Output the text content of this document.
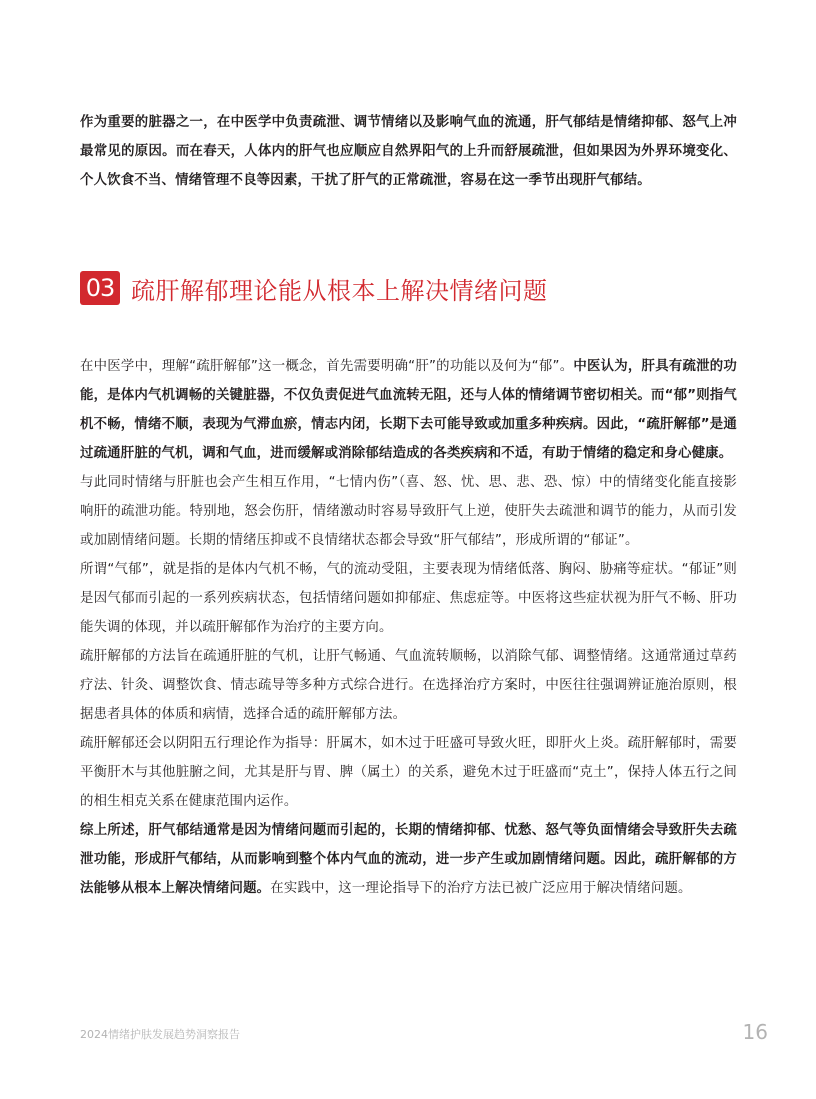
作为重要的脏器之一，在中医学中负责疏泄、调节情绪以及影响气血的流通，肝气郁结是情绪抑郁、怒气上冲最常见的原因。而在春天，人体内的肝气也应顺应自然界阳气的上升而舒展疏泄，但如果因为外界环境变化、个人饮食不当、情绪管理不良等因素，干扰了肝气的正常疏泄，容易在这一季节出现肝气郁结。

03 疏肝解郁理论能从根本上解决情绪问题

在中医学中，理解“疏肝解郁”这一概念，首先需要明确“肝”的功能以及何为“郁”。中医认为，肝具有疏泄的功能，是体内气机调畅的关键脏器，不仅负责促进气血流转无阻，还与人体的情绪调节密切相关。而“郁”则指气机不畅，情绪不顺，表现为气滞血瘀，情志内闭，长期下去可能导致或加重多种疾病。因此，“疏肝解郁”是通过疏通肝脏的气机，调和气血，进而缓解或消除郁结造成的各类疾病和不适，有助于情绪的稳定和身心健康。

与此同时情绪与肝脏也会产生相互作用，“七情内伤”（喜、怒、忧、思、悲、恐、惊）中的情绪变化能直接影响肝的疏泄功能。特别地，怒会伤肝，情绪激动时容易导致肝气上逆，使肝失去疏泄和调节的能力，从而引发或加剧情绪问题。长期的情绪压抑或不良情绪状态都会导致“肝气郁结”，形成所谓的“郁证”。

所谓“气郁”，就是指的是体内气机不畅，气的流动受阻，主要表现为情绪低落、胸闷、胁痛等症状。“郁证”则是因气郁而引起的一系列疾病状态，包括情绪问题如抑郁症、焦虑症等。中医将这些症状视为肝气不畅、肝功能失调的体现，并以疏肝解郁作为治疗的主要方向。

疏肝解郁的方法旨在疏通肝脏的气机，让肝气畅通、气血流转顺畅，以消除气郁、调整情绪。这通常通过草药疗法、针灸、调整饮食、情志疏导等多种方式综合进行。在选择治疗方案时，中医往往强调辨证施治原则，根据患者具体的体质和病情，选择合适的疏肝解郁方法。

疏肝解郁还会以阴阳五行理论作为指导：肝属木，如木过于旺盛可导致火旺，即肝火上炎。疏肝解郁时，需要平衡肝木与其他脏腑之间，尤其是肝与胃、脾（属土）的关系，避免木过于旺盛而“克土”，保持人体五行之间的相生相克关系在健康范围内运作。

综上所述，肝气郁结通常是因为情绪问题而引起的，长期的情绪抑郁、忧愁、怒气等负面情绪会导致肝失去疏泄功能，形成肝气郁结，从而影响到整个体内气血的流动，进一步产生或加剧情绪问题。因此，疏肝解郁的方法能够从根本上解决情绪问题。在实践中，这一理论指导下的治疗方法已被广泛应用于解决情绪问题。

2024情绪护肤发展趋势洞察报告	16
